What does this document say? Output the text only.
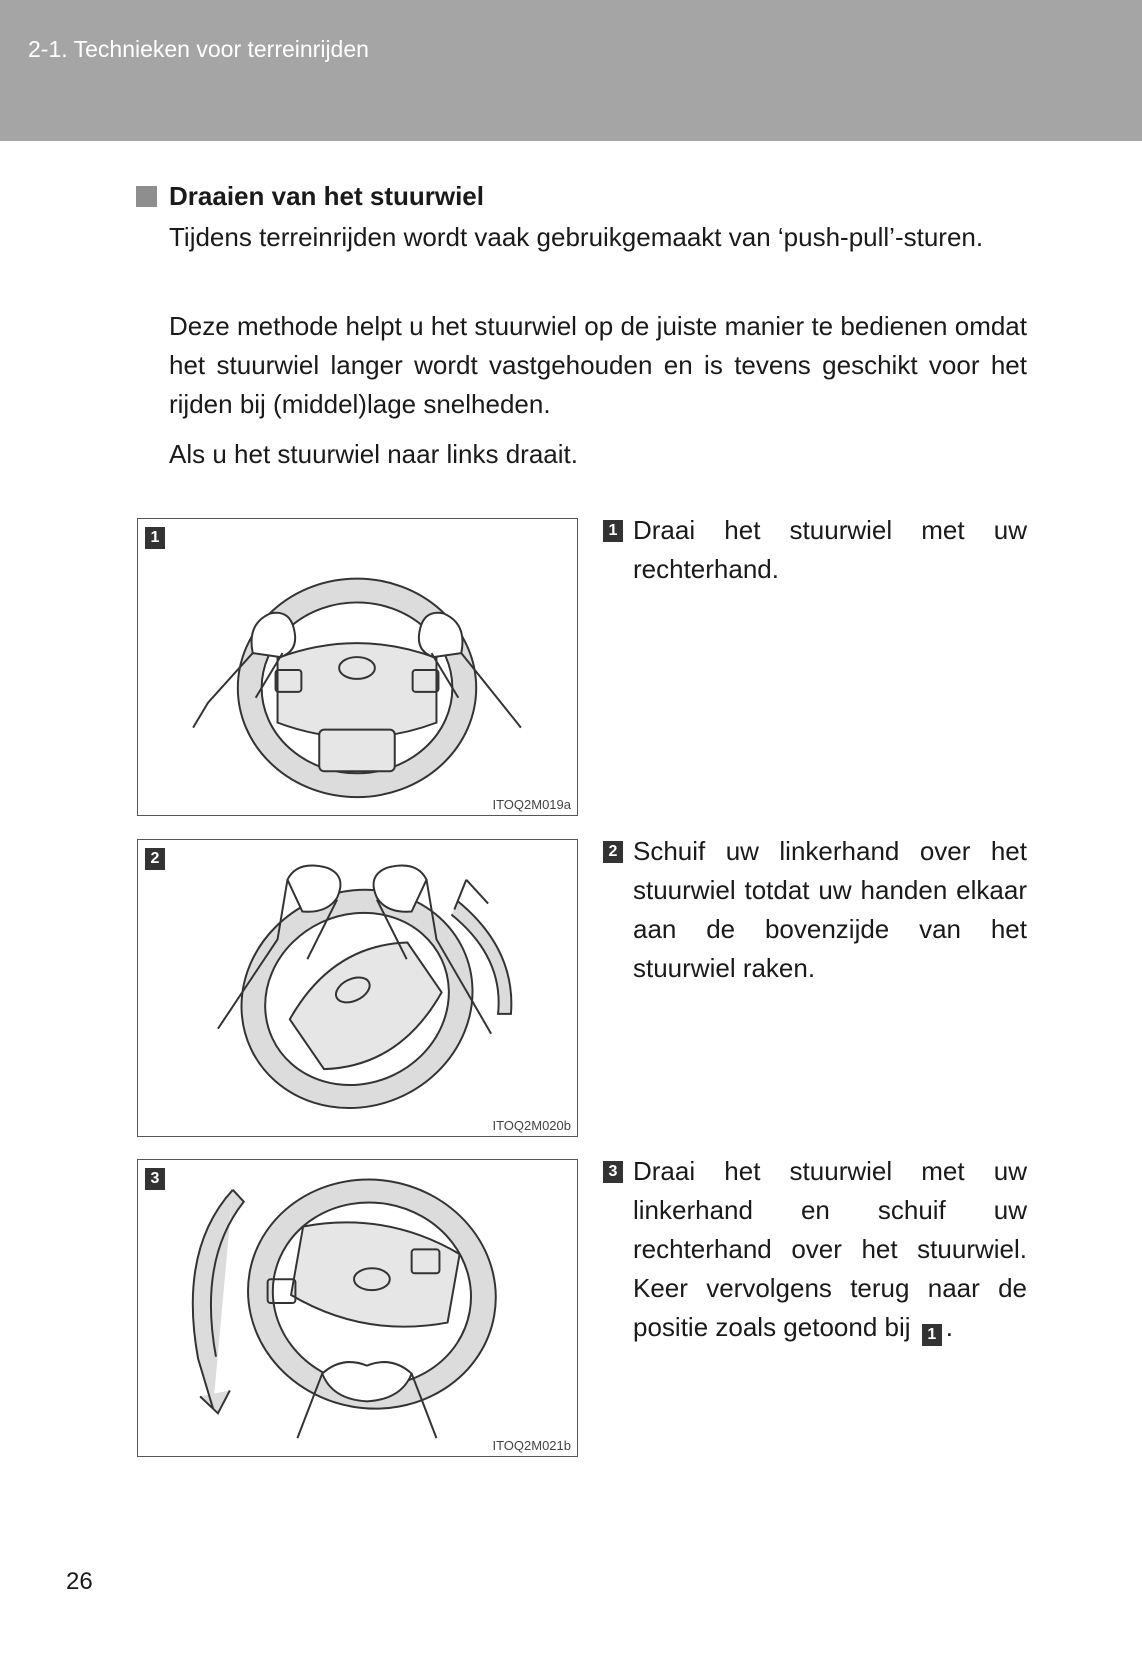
2-1. Technieken voor terreinrijden
Draaien van het stuurwiel
Tijdens terreinrijden wordt vaak gebruikgemaakt van ‘push-pull’-sturen.
Deze methode helpt u het stuurwiel op de juiste manier te bedienen omdat het stuurwiel langer wordt vastgehouden en is tevens geschikt voor het rijden bij (middel)lage snelheden.
Als u het stuurwiel naar links draait.
1
ITOQ2M019a
2
ITOQ2M020b
3
ITOQ2M021b
1 Draai het stuurwiel met uw rechterhand.
2 Schuif uw linkerhand over het stuurwiel totdat uw handen elkaar aan de bovenzijde van het stuurwiel raken.
3 Draai het stuurwiel met uw linkerhand en schuif uw rechterhand over het stuurwiel. Keer vervolgens terug naar de positie zoals getoond bij 1 .
26
